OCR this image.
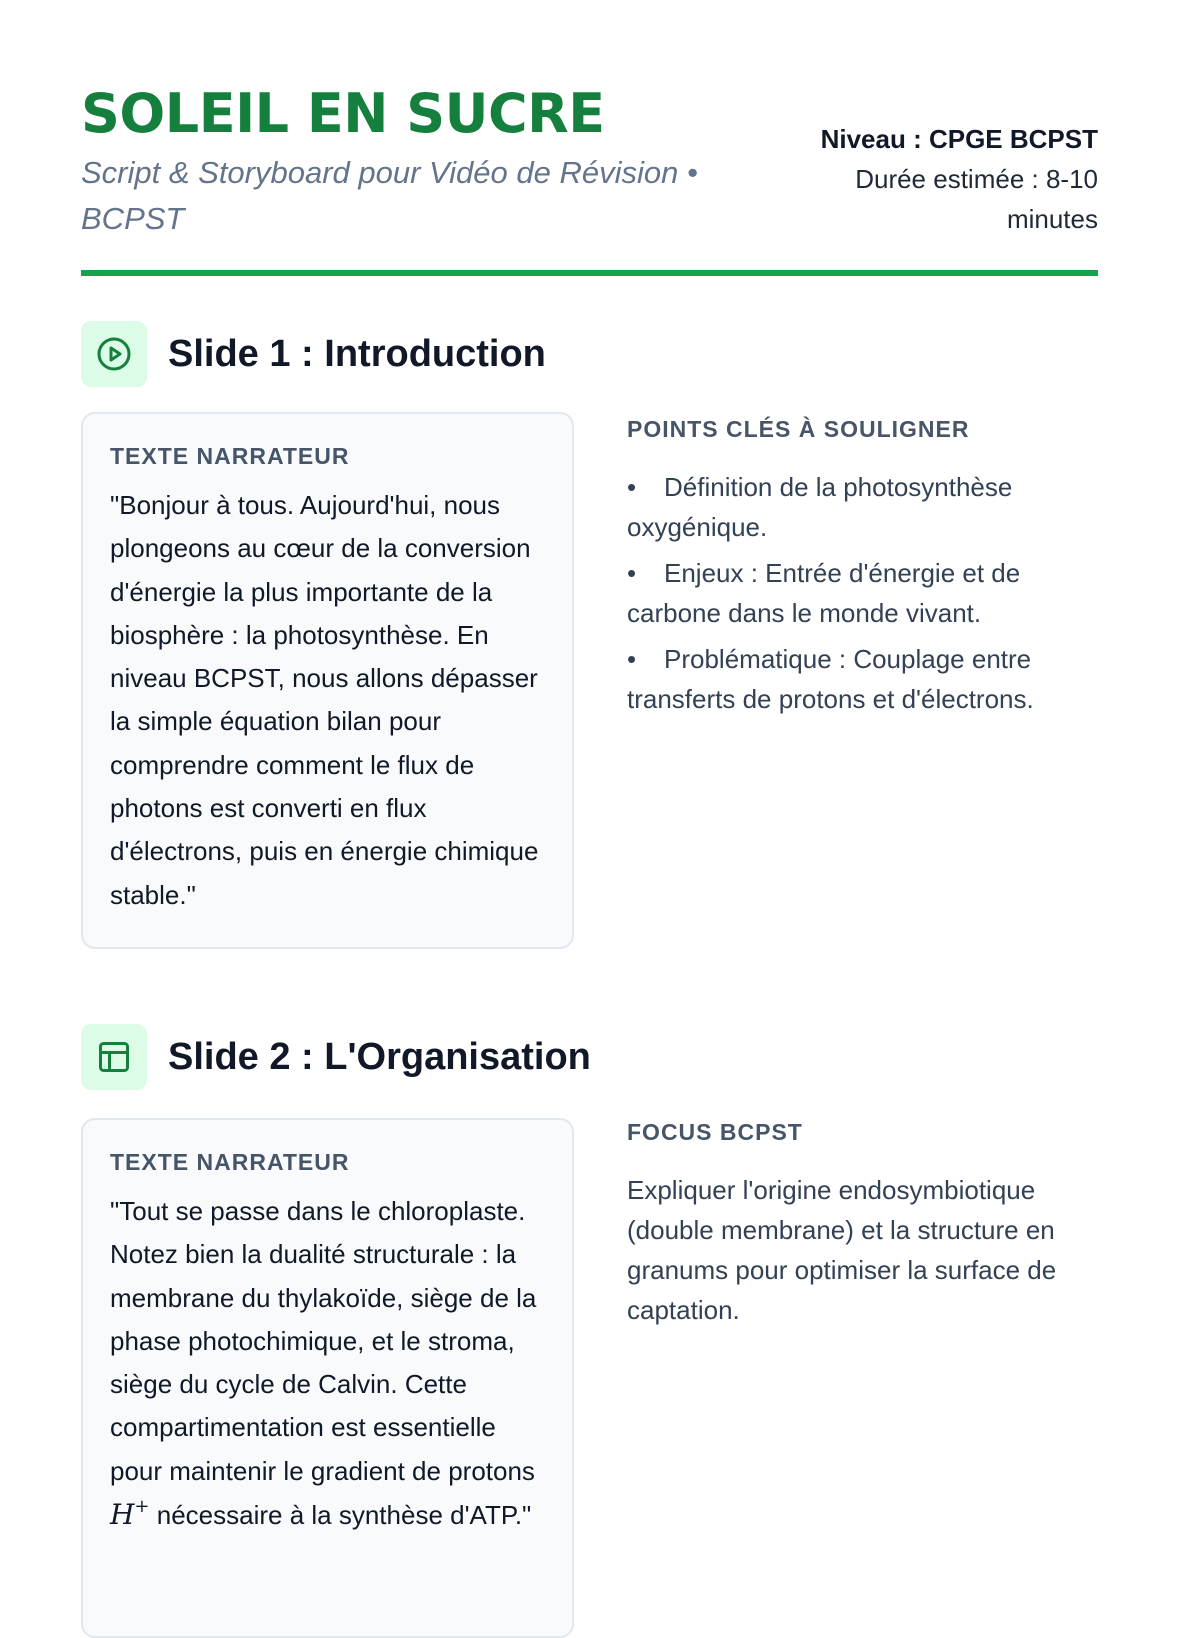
SOLEIL EN SUCRE
Script & Storyboard pour Vidéo de Révision • BCPST
Niveau : CPGE BCPST
Durée estimée : 8-10 minutes
Slide 1 : Introduction
TEXTE NARRATEUR

"Bonjour à tous. Aujourd'hui, nous plongeons au cœur de la conversion d'énergie la plus importante de la biosphère : la photosynthèse. En niveau BCPST, nous allons dépasser la simple équation bilan pour comprendre comment le flux de photons est converti en flux d'électrons, puis en énergie chimique stable."

POINTS CLÉS À SOULIGNER
• Définition de la photosynthèse oxygénique.
• Enjeux : Entrée d'énergie et de carbone dans le monde vivant.
• Problématique : Couplage entre transferts de protons et d'électrons.
Slide 2 : L'Organisation
TEXTE NARRATEUR

"Tout se passe dans le chloroplaste. Notez bien la dualité structurale : la membrane du thylakoïde, siège de la phase photochimique, et le stroma, siège du cycle de Calvin. Cette compartimentation est essentielle pour maintenir le gradient de protons H+ nécessaire à la synthèse d'ATP."

FOCUS BCPST

Expliquer l'origine endosymbiotique (double membrane) et la structure en granums pour optimiser la surface de captation.
